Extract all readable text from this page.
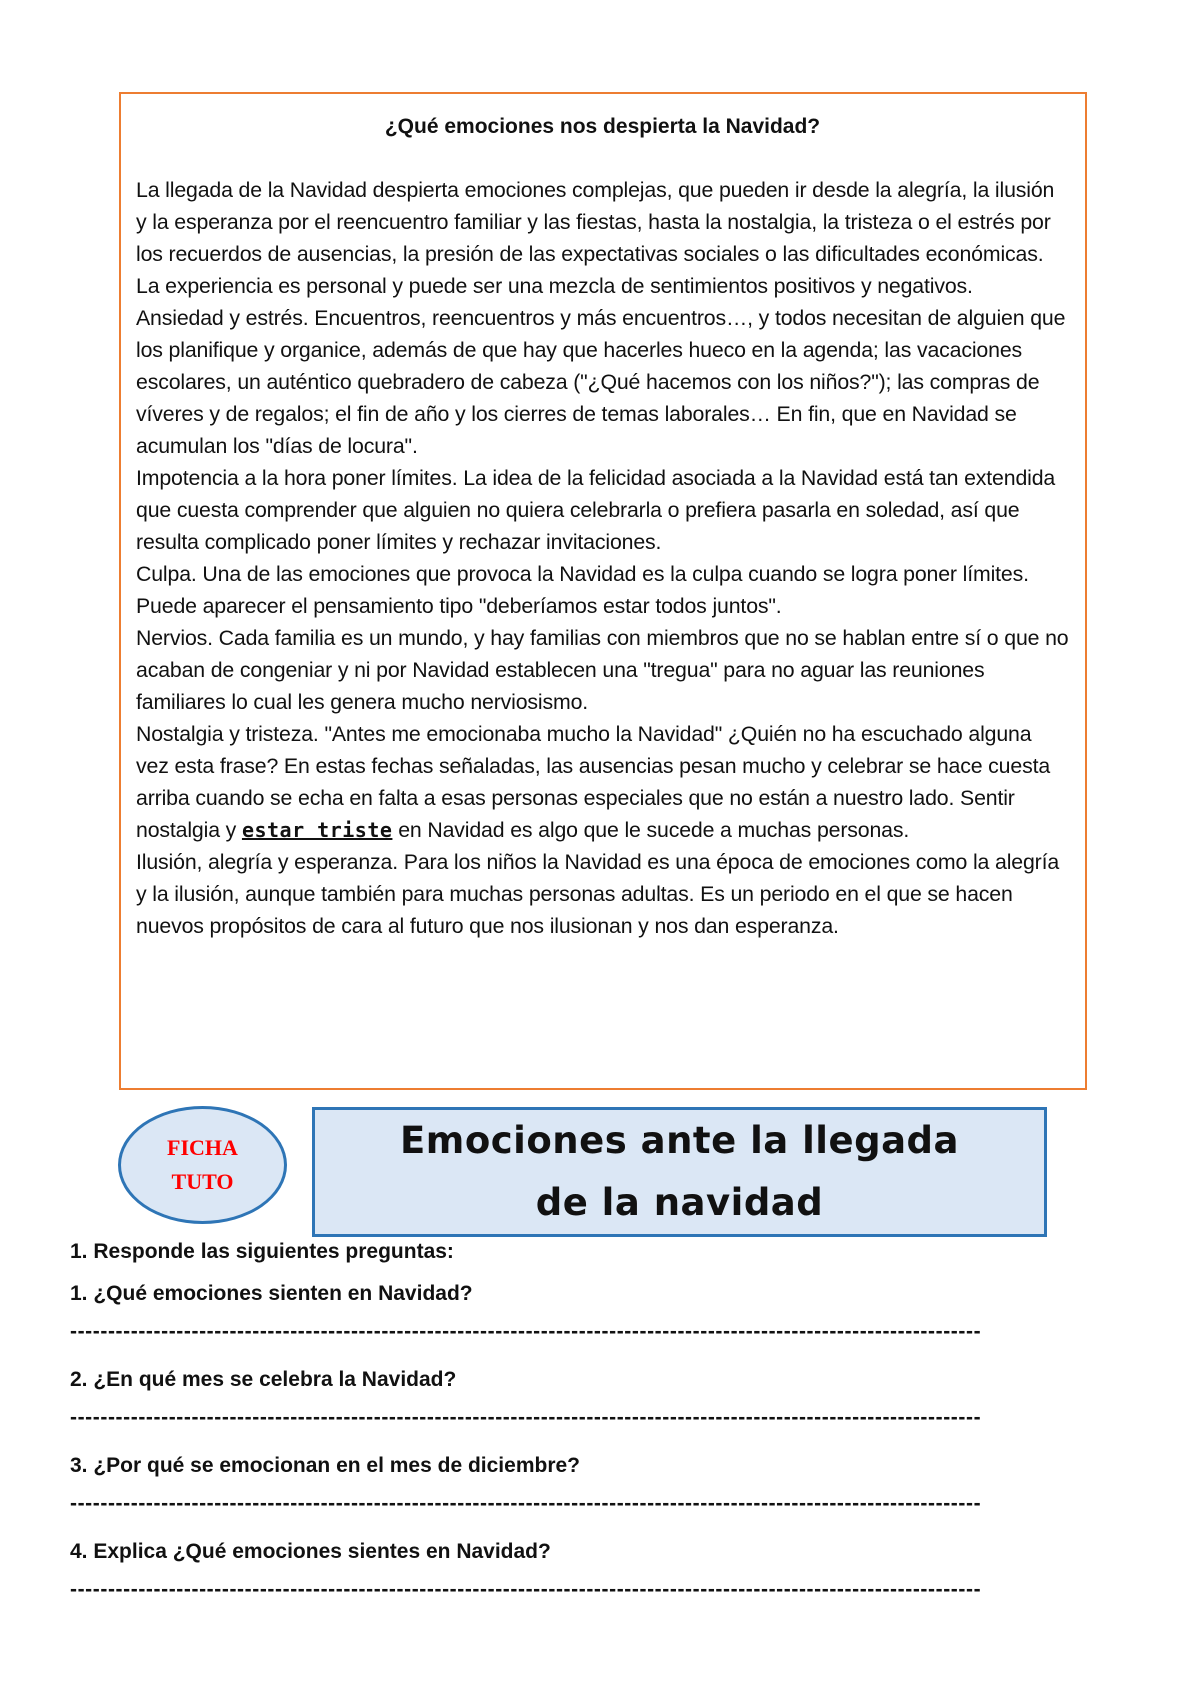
¿Qué emociones nos despierta la Navidad?

La llegada de la Navidad despierta emociones complejas, que pueden ir desde la alegría, la ilusión y la esperanza por el reencuentro familiar y las fiestas, hasta la nostalgia, la tristeza o el estrés por los recuerdos de ausencias, la presión de las expectativas sociales o las dificultades económicas. La experiencia es personal y puede ser una mezcla de sentimientos positivos y negativos.

Ansiedad y estrés. Encuentros, reencuentros y más encuentros…, y todos necesitan de alguien que los planifique y organice, además de que hay que hacerles hueco en la agenda; las vacaciones escolares, un auténtico quebradero de cabeza ("¿Qué hacemos con los niños?"); las compras de víveres y de regalos; el fin de año y los cierres de temas laborales… En fin, que en Navidad se acumulan los "días de locura".

Impotencia a la hora poner límites. La idea de la felicidad asociada a la Navidad está tan extendida que cuesta comprender que alguien no quiera celebrarla o prefiera pasarla en soledad, así que resulta complicado poner límites y rechazar invitaciones.

Culpa. Una de las emociones que provoca la Navidad es la culpa cuando se logra poner límites. Puede aparecer el pensamiento tipo "deberíamos estar todos juntos".

Nervios. Cada familia es un mundo, y hay familias con miembros que no se hablan entre sí o que no acaban de congeniar y ni por Navidad establecen una "tregua" para no aguar las reuniones familiares lo cual les genera mucho nerviosismo.

Nostalgia y tristeza. "Antes me emocionaba mucho la Navidad" ¿Quién no ha escuchado alguna vez esta frase? En estas fechas señaladas, las ausencias pesan mucho y celebrar se hace cuesta arriba cuando se echa en falta a esas personas especiales que no están a nuestro lado. Sentir nostalgia y estar triste en Navidad es algo que le sucede a muchas personas.

Ilusión, alegría y esperanza. Para los niños la Navidad es una época de emociones como la alegría y la ilusión, aunque también para muchas personas adultas. Es un periodo en el que se hacen nuevos propósitos de cara al futuro que nos ilusionan y nos dan esperanza.

FICHA
TUTO
Emociones ante la llegada de la navidad

1. Responde las siguientes preguntas:

1. ¿Qué emociones sienten en Navidad?

------------------------------------------------------------------------------------------------------------------------

2. ¿En qué mes se celebra la Navidad?

------------------------------------------------------------------------------------------------------------------------

3. ¿Por qué se emocionan en el mes de diciembre?

------------------------------------------------------------------------------------------------------------------------

4. Explica ¿Qué emociones sientes en Navidad?

------------------------------------------------------------------------------------------------------------------------
